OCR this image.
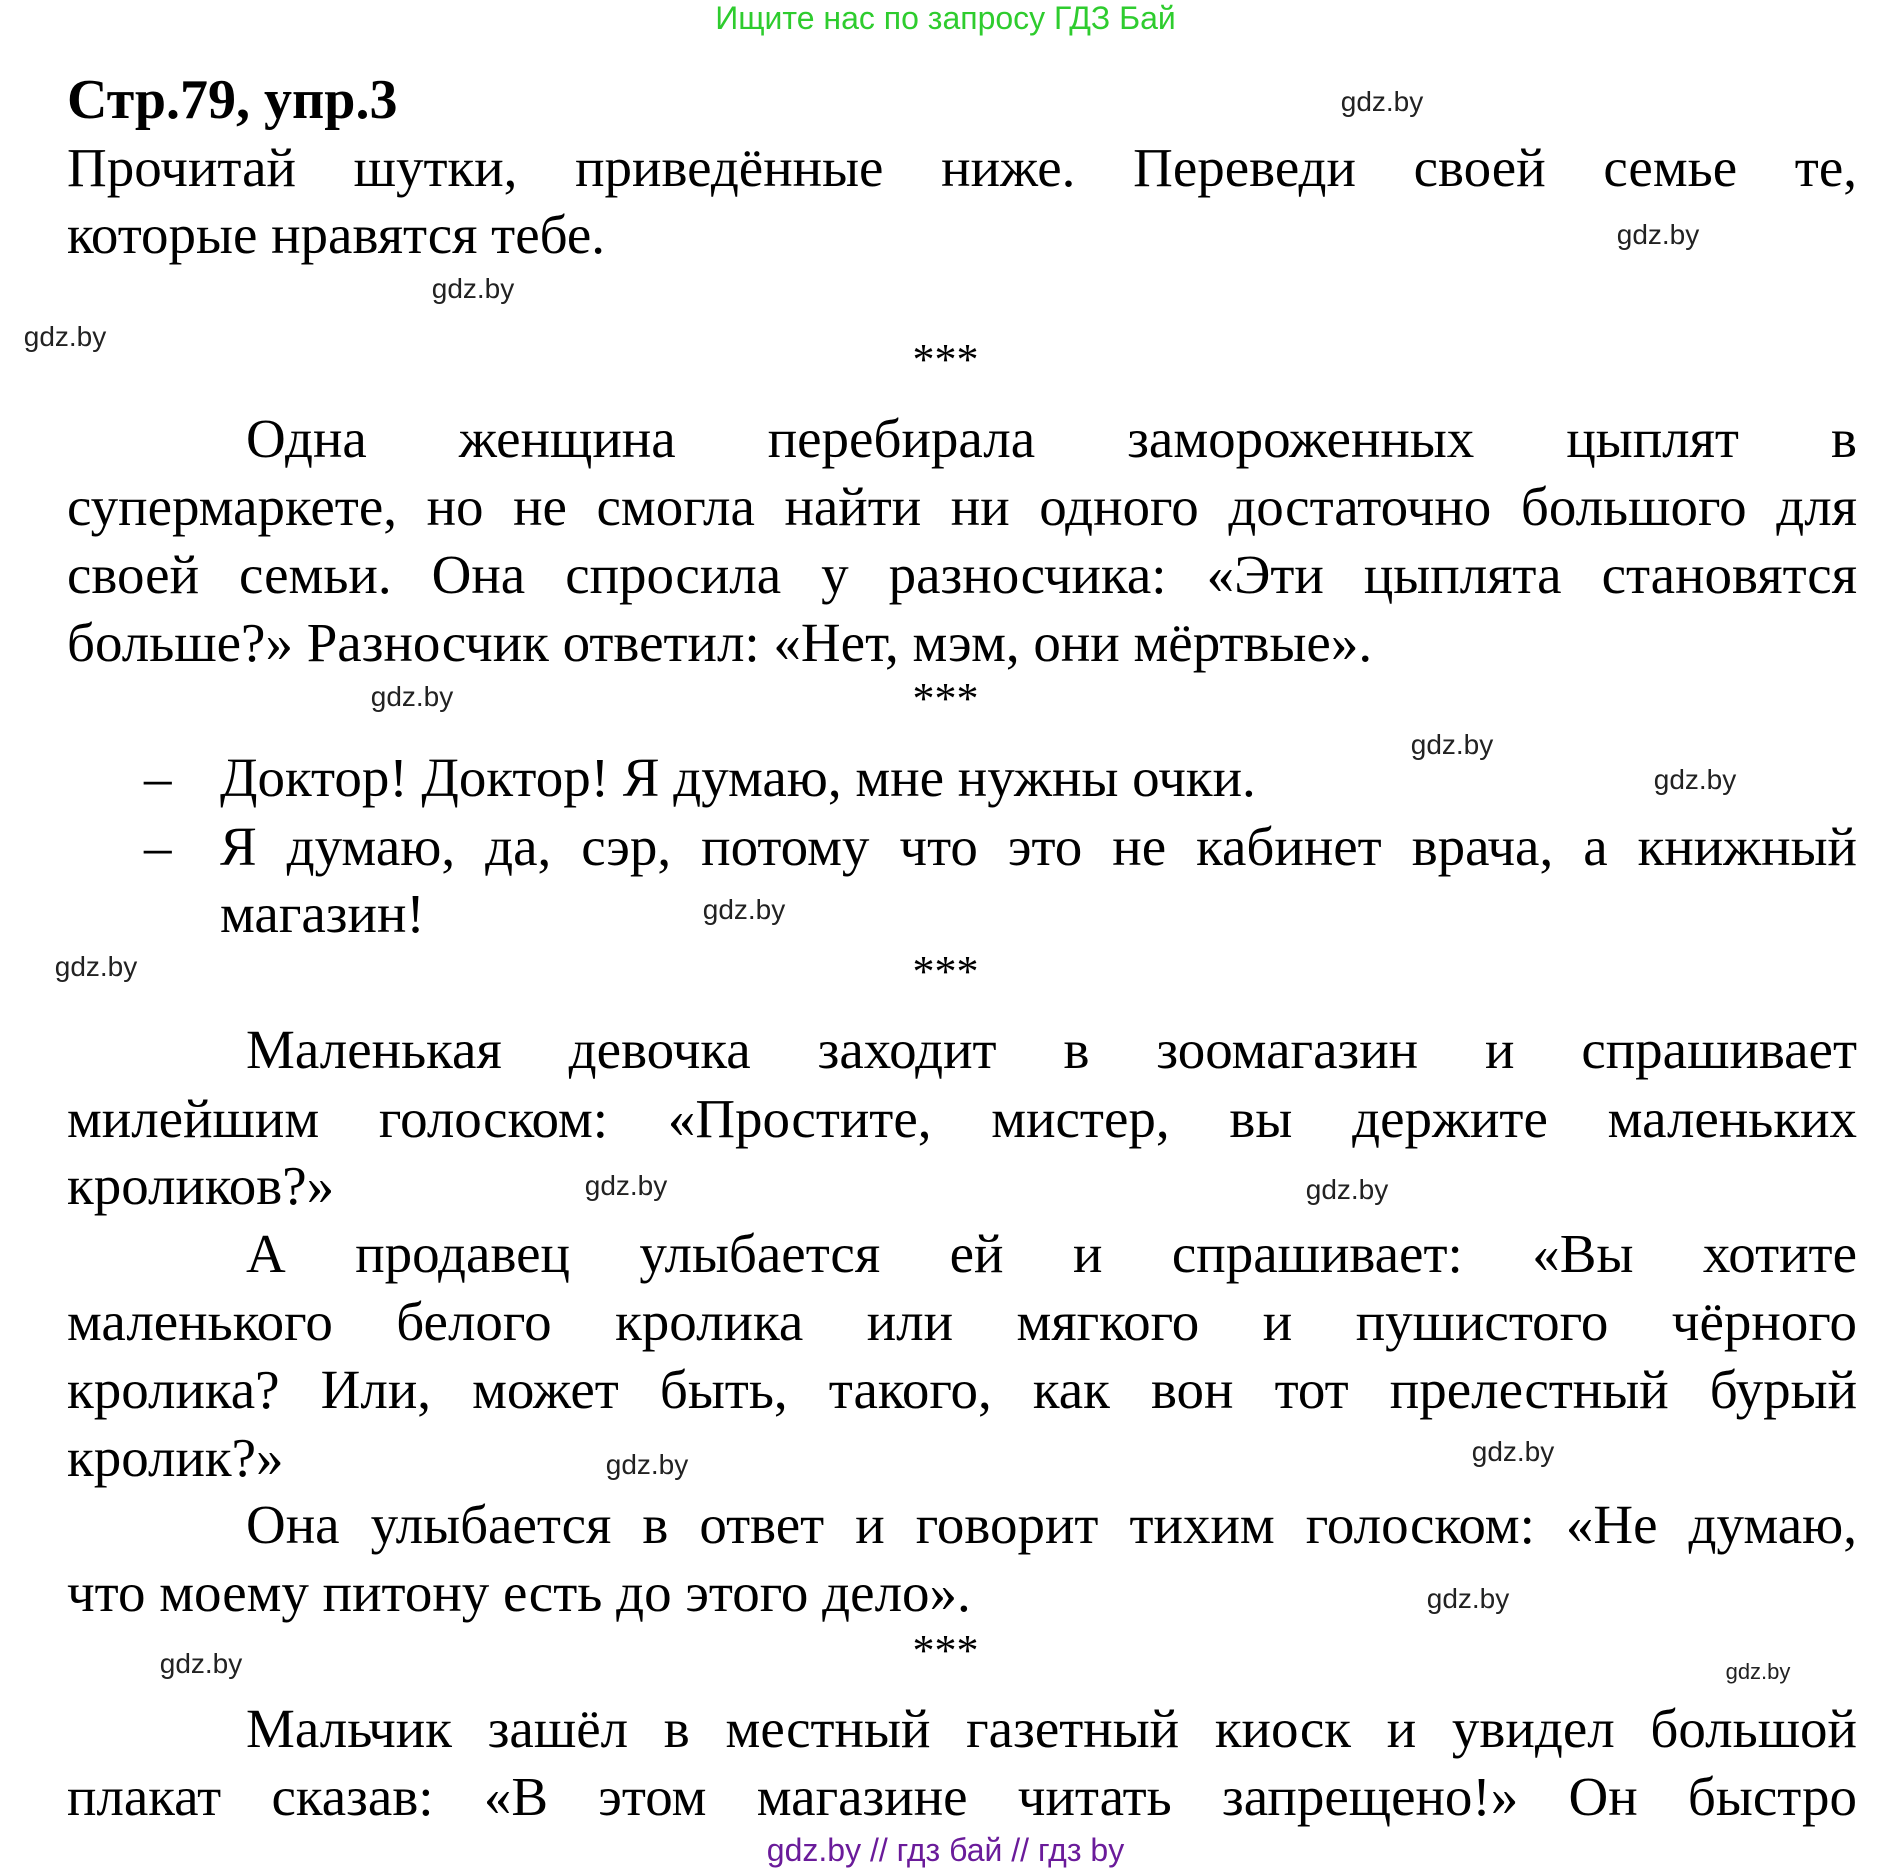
Ищите нас по запросу ГДЗ Бай
Стр.79, упр.3
Прочитай шутки, приведённые ниже. Переведи своей семье те,
которые нравятся тебе.
***
Одна женщина перебирала замороженных цыплят в
супермаркете, но не смогла найти ни одного достаточно большого для
своей семьи. Она спросила у разносчика: «Эти цыплята становятся
больше?» Разносчик ответил: «Нет, мэм, они мёртвые».
***
– Доктор! Доктор! Я думаю, мне нужны очки.
– Я думаю, да, сэр, потому что это не кабинет врача, а книжный
магазин!
***
Маленькая девочка заходит в зоомагазин и спрашивает
милейшим голоском: «Простите, мистер, вы держите маленьких
кроликов?»
А продавец улыбается ей и спрашивает: «Вы хотите
маленького белого кролика или мягкого и пушистого чёрного
кролика? Или, может быть, такого, как вон тот прелестный бурый
кролик?»
Она улыбается в ответ и говорит тихим голоском: «Не думаю,
что моему питону есть до этого дело».
***
Мальчик зашёл в местный газетный киоск и увидел большой
плакат сказав: «В этом магазине читать запрещено!» Он быстро
gdz.by
gdz.by
gdz.by
gdz.by
gdz.by
gdz.by
gdz.by
gdz.by
gdz.by
gdz.by	gdz.by
gdz.by
gdz.by
gdz.by
gdz.by	gdz.by
gdz.by // гдз бай // гдз by
